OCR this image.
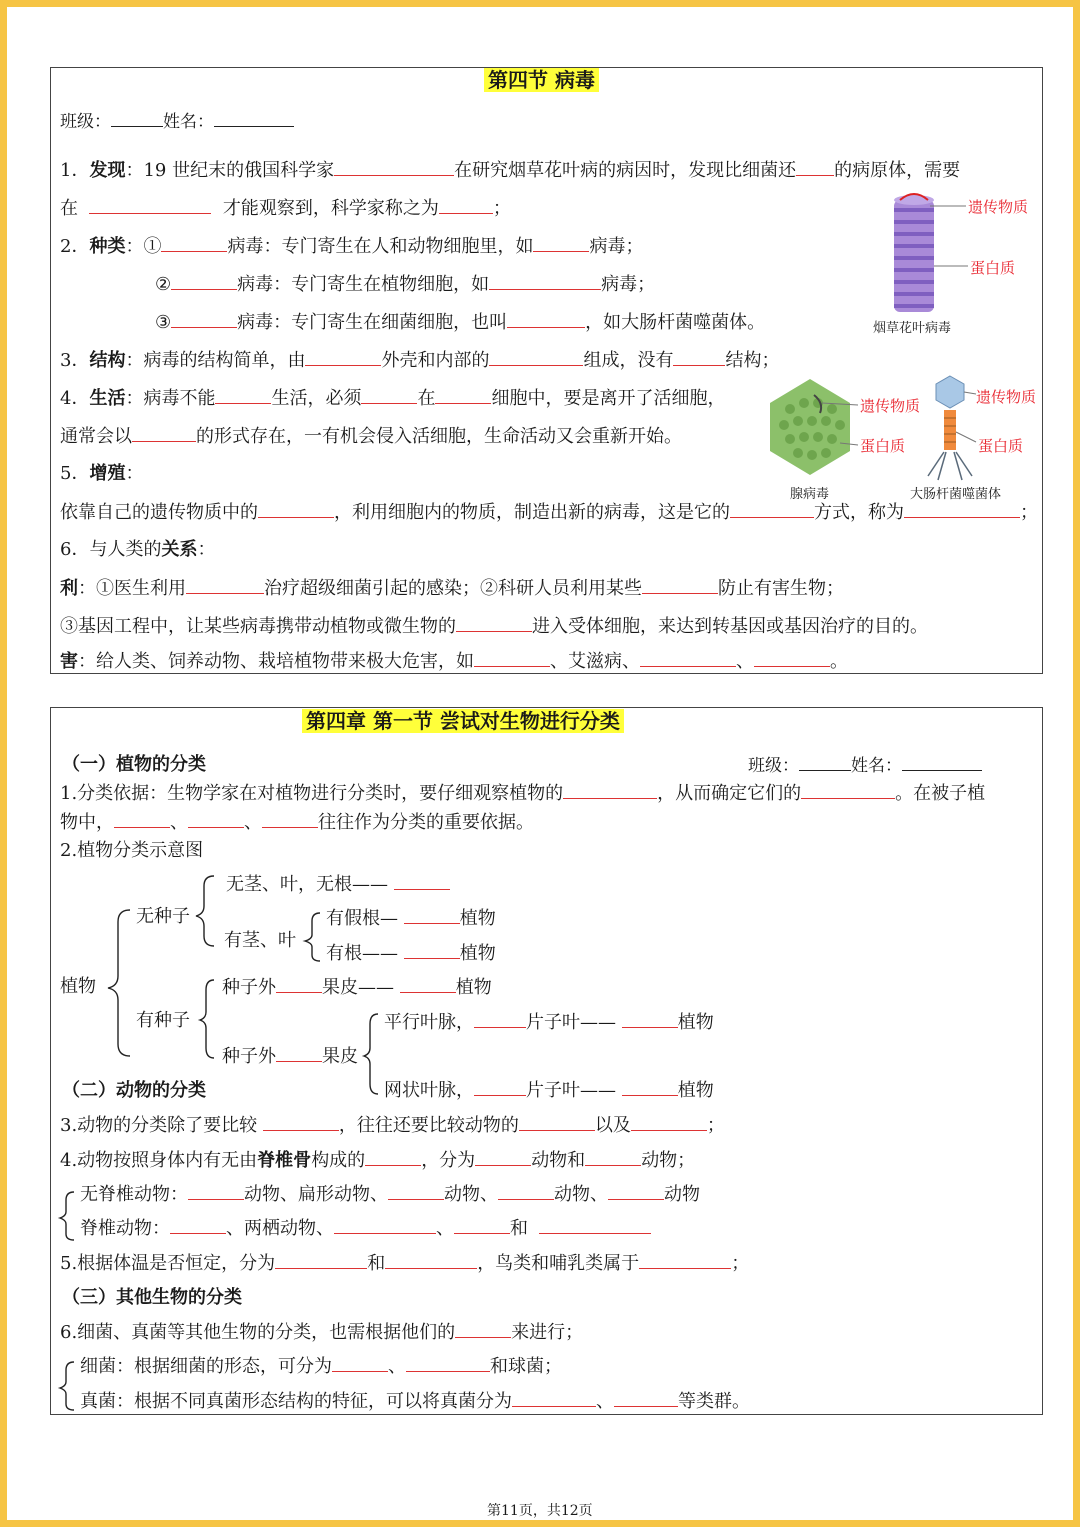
第四节 病毒
班级：	姓名：
1．发现：19 世纪末的俄国科学家	在研究烟草花叶病的病因时，发现比细菌还 的病原体，需要
在	才能观察到，科学家称之为	；
2．种类：①	病毒：专门寄生在人和动物细胞里，如	病毒；
②	病毒：专门寄生在植物细胞，如	病毒；
③	病毒：专门寄生在细菌细胞，也叫	，如大肠杆菌噬菌体。
3．结构：病毒的结构简单，由	外壳和内部的	组成，没有	结构；
4．生活：病毒不能	生活，必须	在	细胞中，要是离开了活细胞，
通常会以	的形式存在，一有机会侵入活细胞，生命活动又会重新开始。
5．增殖：
依靠自己的遗传物质中的	，利用细胞内的物质，制造出新的病毒，这是它的	方式，称为	；
6．与人类的关系：
利：①医生利用	治疗超级细菌引起的感染；②科研人员利用某些	防止有害生物；
③基因工程中，让某些病毒携带动植物或微生物的	进入受体细胞，来达到转基因或基因治疗的目的。
害：给人类、饲养动物、栽培植物带来极大危害，如	、艾滋病、	、	。
遗传物质
蛋白质
烟草花叶病毒
遗传物质
蛋白质
腺病毒
遗传物质
蛋白质
大肠杆菌噬菌体
第四章 第一节 尝试对生物进行分类
（一）植物的分类	班级：	姓名：
1.分类依据：生物学家在对植物进行分类时，要仔细观察植物的	，从而确定它们的	。在被子植
物中，	、	、	往往作为分类的重要依据。
2.植物分类示意图
植物
无种子
有种子
无茎、叶，无根——
有茎、叶
有假根—	植物
有根——	植物
种子外	果皮——	植物
种子外	果皮
平行叶脉，	片子叶——	植物
网状叶脉，	片子叶——	植物
（二）动物的分类
3.动物的分类除了要比较	，往往还要比较动物的	以及	；
4.动物按照身体内有无由脊椎骨构成的	，分为	动物和	动物；
无脊椎动物：	动物、扁形动物、	动物、	动物、	动物
脊椎动物：	、两栖动物、	、	和
5.根据体温是否恒定，分为	和	，鸟类和哺乳类属于	；
（三）其他生物的分类
6.细菌、真菌等其他生物的分类，也需根据他们的	来进行；
细菌：根据细菌的形态，可分为	、	和球菌；
真菌：根据不同真菌形态结构的特征，可以将真菌分为	、	等类群。
第11页，共12页
